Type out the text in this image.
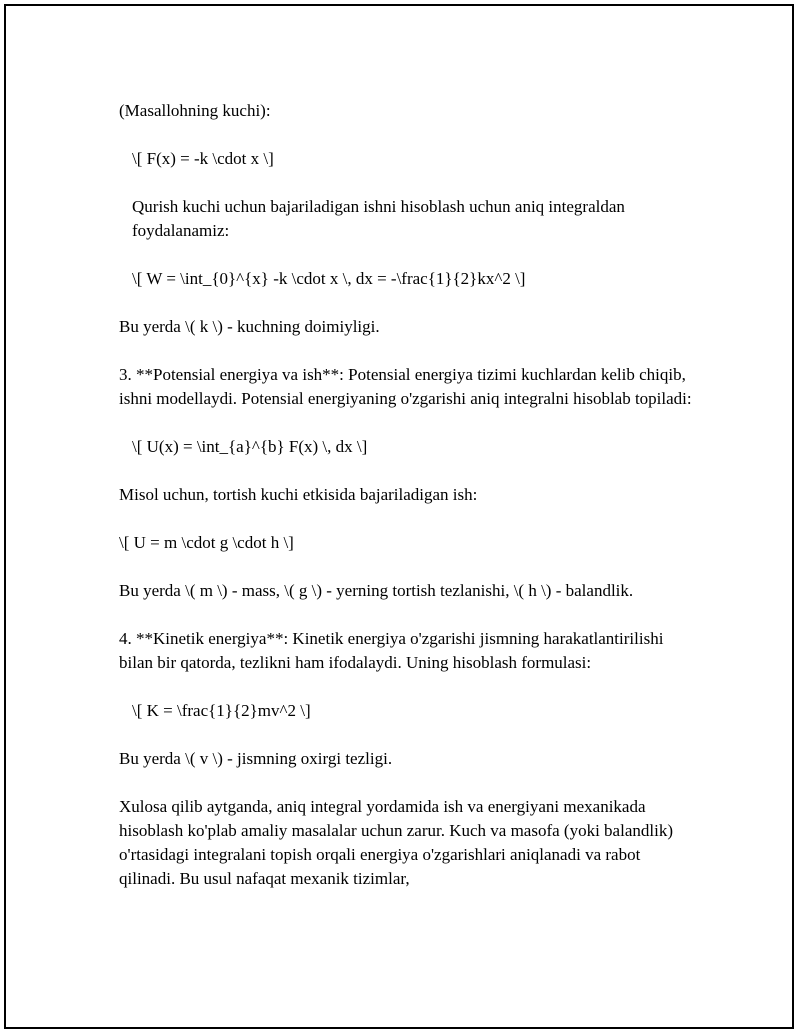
(Masallohning kuchi):

\[ F(x) = -k \cdot x \]

Qurish kuchi uchun bajariladigan ishni hisoblash uchun aniq integraldan foydalanamiz:

\[ W = \int_{0}^{x} -k \cdot x \, dx = -\frac{1}{2}kx^2 \]

Bu yerda \( k \) - kuchning doimiyligi.

3. **Potensial energiya va ish**: Potensial energiya tizimi kuchlardan kelib chiqib, ishni modellaydi. Potensial energiyaning o'zgarishi aniq integralni hisoblab topiladi:

\[ U(x) = \int_{a}^{b} F(x) \, dx \]

Misol uchun, tortish kuchi etkisida bajariladigan ish:

\[ U = m \cdot g \cdot h \]

Bu yerda \( m \) - mass, \( g \) - yerning tortish tezlanishi, \( h \) - balandlik.

4. **Kinetik energiya**: Kinetik energiya o'zgarishi jismning harakatlantirilishi bilan bir qatorda, tezlikni ham ifodalaydi. Uning hisoblash formulasi:

\[ K = \frac{1}{2}mv^2 \]

Bu yerda \( v \) - jismning oxirgi tezligi.

Xulosa qilib aytganda, aniq integral yordamida ish va energiyani mexanikada hisoblash ko'plab amaliy masalalar uchun zarur. Kuch va masofa (yoki balandlik) o'rtasidagi integralani topish orqali energiya o'zgarishlari aniqlanadi va rabot qilinadi. Bu usul nafaqat mexanik tizimlar,
